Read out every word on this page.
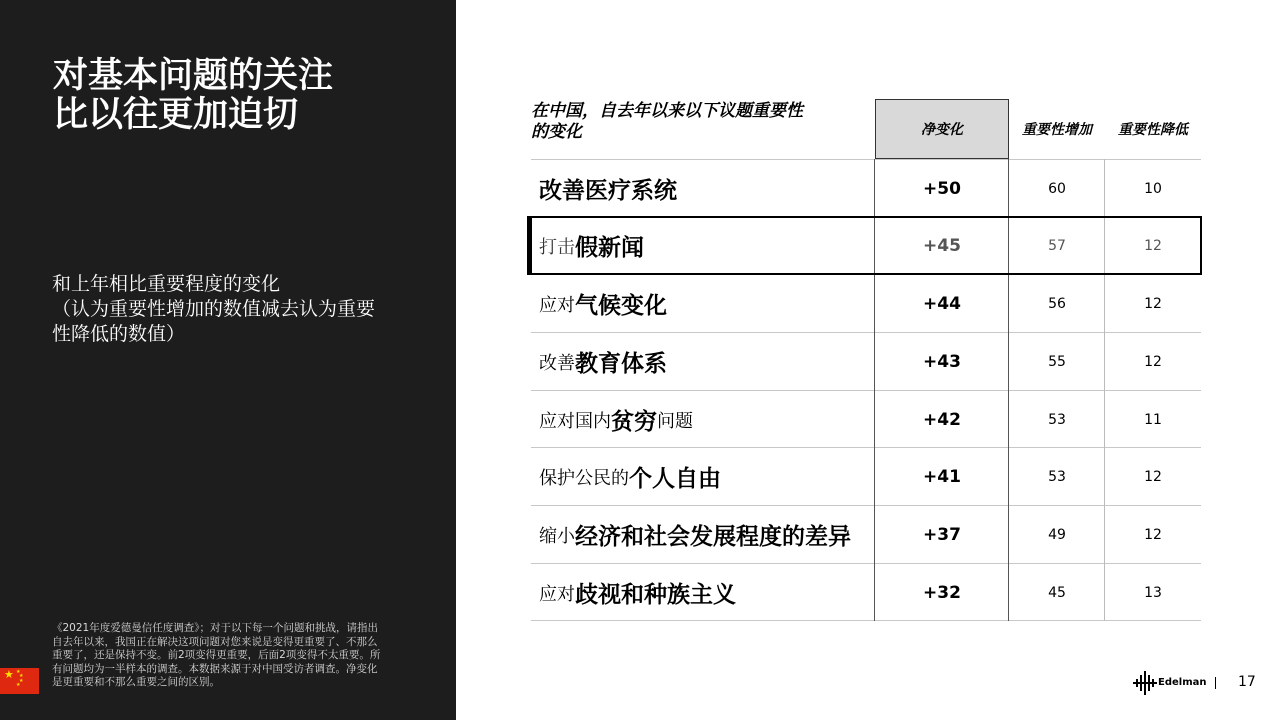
对基本问题的关注
比以往更加迫切
和上年相比重要程度的变化
（认为重要性增加的数值减去认为重要
性降低的数值）
《2021年度爱德曼信任度调查》；对于以下每一个问题和挑战，请指出
自去年以来，我国正在解决这项问题对您来说是变得更重要了、不那么
重要了，还是保持不变。前2项变得更重要，后面2项变得不太重要。所
有问题均为一半样本的调查。本数据来源于对中国受访者调查。净变化
是更重要和不那么重要之间的区别。
★ ★
★
★
★
在中国，自去年以来以下议题重要性
的变化	净变化	重要性增加	重要性降低
改善医疗系统	+50	60	10
打击 假新闻	+45	57	12
应对 气候变化	+44	56	12
改善 教育体系	+43	55	12
应对国内 贫穷 问题	+42	53	11
保护公民的 个人自由	+41	53	12
缩小 经济和社会发展程度的差异	+37	49	12
应对 歧视和种族主义	+32	45	13
Edelman 17
